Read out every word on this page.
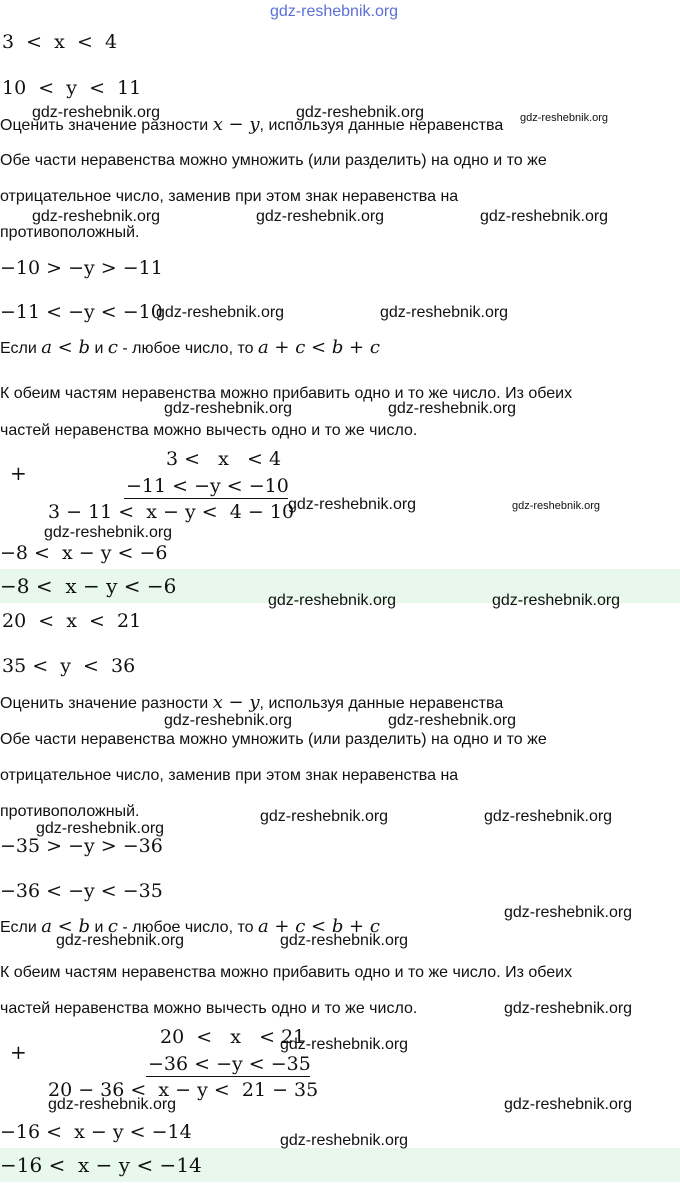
gdz-reshebnik.org
3  <  x  <  4
10  <  y  <  11
Оценить значение разности x − y, используя данные неравенства
Обе части неравенства можно умножить (или разделить) на одно и то же
отрицательное число, заменив при этом знак неравенства на
противоположный.
−10 > −y > −11
−11 < −y < −10
Если a < b и c - любое число, то a + c < b + c
К обеим частям неравенства можно прибавить одно и то же число. Из обеих
частей неравенства можно вычесть одно и то же число.
+
3 <   x   < 4
−11 < −y < −10
3 − 11 <  x − y <  4 − 10
−8 <  x − y < −6
−8 <  x − y < −6
20  <  x  <  21
35 <  y  <  36
Оценить значение разности x − y, используя данные неравенства
Обе части неравенства можно умножить (или разделить) на одно и то же
отрицательное число, заменив при этом знак неравенства на
противоположный.
−35 > −y > −36
−36 < −y < −35
Если a < b и c - любое число, то a + c < b + c
К обеим частям неравенства можно прибавить одно и то же число. Из обеих
частей неравенства можно вычесть одно и то же число.
+
20  <   x   < 21
−36 < −y < −35
20 − 36 <  x − y <  21 − 35
−16 <  x − y < −14
−16 <  x − y < −14
gdz-reshebnik.org	gdz-reshebnik.org	gdz-reshebnik.org
gdz-reshebnik.org	gdz-reshebnik.org	gdz-reshebnik.org
gdz-reshebnik.org	gdz-reshebnik.org
gdz-reshebnik.org	gdz-reshebnik.org
gdz-reshebnik.org	gdz-reshebnik.org
gdz-reshebnik.org
gdz-reshebnik.org	gdz-reshebnik.org
gdz-reshebnik.org	gdz-reshebnik.org
gdz-reshebnik.org	gdz-reshebnik.org
gdz-reshebnik.org
gdz-reshebnik.org
gdz-reshebnik.org	gdz-reshebnik.org
gdz-reshebnik.org
gdz-reshebnik.org
gdz-reshebnik.org	gdz-reshebnik.org
gdz-reshebnik.org
